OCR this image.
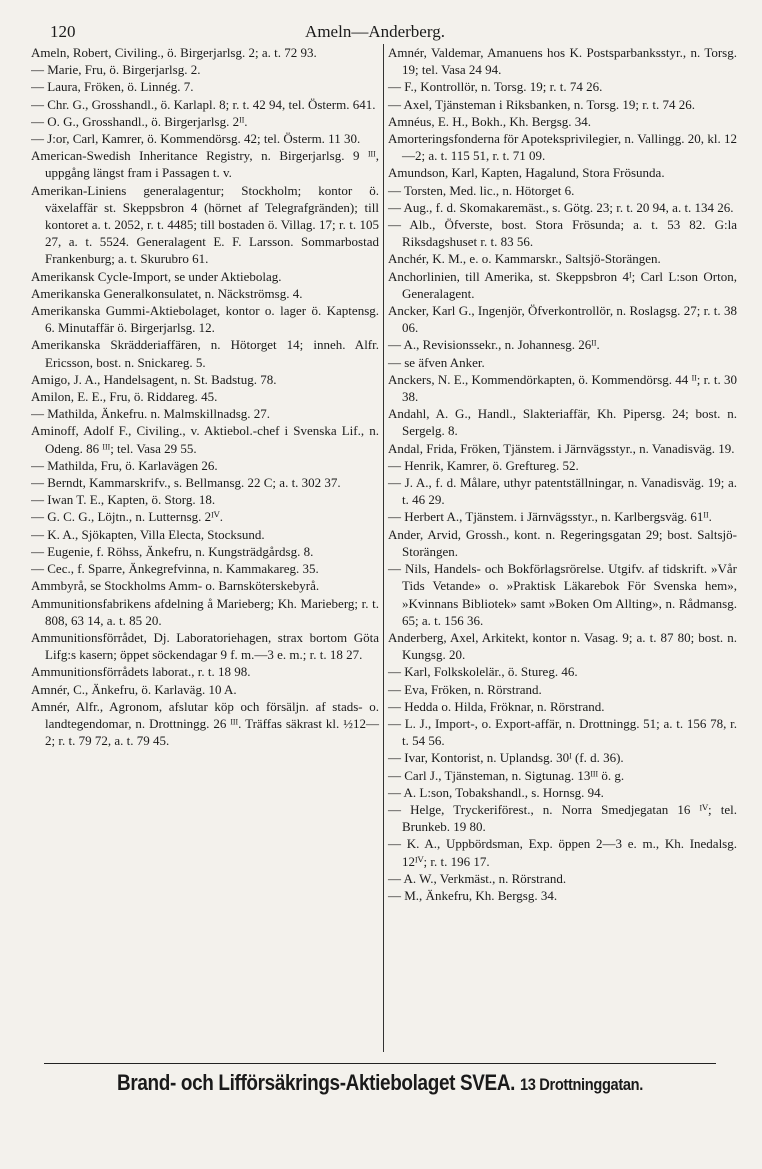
120	Ameln—Anderberg.
Ameln, Robert, Civiling., ö. Birgerjarlsg. 2; a. t. 72 93.
— Marie, Fru, ö. Birgerjarlsg. 2.
— Laura, Fröken, ö. Linnég. 7.
— Chr. G., Grosshandl., ö. Karlapl. 8; r. t. 42 94, tel. Österm. 641.
— O. G., Grosshandl., ö. Birgerjarlsg. 2ᴵᴵ.
— J:or, Carl, Kamrer, ö. Kommendörsg. 42; tel. Österm. 11 30.
American-Swedish Inheritance Registry, n. Birgerjarlsg. 9 ᴵᴵᴵ, uppgång längst fram i Passagen t. v.
Amerikan-Liniens generalagentur; Stockholm; kontor ö. växelaffär st. Skeppsbron 4 (hörnet af Telegrafgränden); till kontoret a. t. 2052, r. t. 4485; till bostaden ö. Villag. 17; r. t. 105 27, a. t. 5524. Generalagent E. F. Larsson. Sommarbostad Frankenburg; a. t. Skurubro 61.
Amerikansk Cycle-Import, se under Aktiebolag.
Amerikanska Generalkonsulatet, n. Näckströmsg. 4.
Amerikanska Gummi-Aktiebolaget, kontor o. lager ö. Kaptensg. 6. Minutaffär ö. Birgerjarlsg. 12.
Amerikanska Skrädderiaffären, n. Hötorget 14; inneh. Alfr. Ericsson, bost. n. Snickareg. 5.
Amigo, J. A., Handelsagent, n. St. Badstug. 78.
Amilon, E. E., Fru, ö. Riddareg. 45.
— Mathilda, Änkefru. n. Malmskillnadsg. 27.
Aminoff, Adolf F., Civiling., v. Aktiebol.-chef i Svenska Lif., n. Odeng. 86 ᴵᴵᴵ; tel. Vasa 29 55.
— Mathilda, Fru, ö. Karlavägen 26.
— Berndt, Kammarskrifv., s. Bellmansg. 22 C; a. t. 302 37.
— Iwan T. E., Kapten, ö. Storg. 18.
— G. C. G., Löjtn., n. Lutternsg. 2ᴵⱽ.
— K. A., Sjökapten, Villa Electa, Stocksund.
— Eugenie, f. Röhss, Änkefru, n. Kungsträdgårdsg. 8.
— Cec., f. Sparre, Änkegrefvinna, n. Kammakareg. 35.
Ammbyrå, se Stockholms Amm- o. Barnsköterskebyrå.
Ammunitionsfabrikens afdelning å Marieberg; Kh. Marieberg; r. t. 808, 63 14, a. t. 85 20.
Ammunitionsförrådet, Dj. Laboratoriehagen, strax bortom Göta Lifg:s kasern; öppet söckendagar 9 f. m.—3 e. m.; r. t. 18 27.
Ammunitionsförrådets laborat., r. t. 18 98.
Amnér, C., Änkefru, ö. Karlaväg. 10 A.
Amnér, Alfr., Agronom, afslutar köp och försäljn. af stads- o. landtegendomar, n. Drottningg. 26 ᴵᴵᴵ. Träffas säkrast kl. ½12—2; r. t. 79 72, a. t. 79 45.
Amnér, Valdemar, Amanuens hos K. Postsparbanksstyr., n. Torsg. 19; tel. Vasa 24 94.
— F., Kontrollör, n. Torsg. 19; r. t. 74 26.
— Axel, Tjänsteman i Riksbanken, n. Torsg. 19; r. t. 74 26.
Amnéus, E. H., Bokh., Kh. Bergsg. 34.
Amorteringsfonderna för Apoteksprivilegier, n. Vallingg. 20, kl. 12—2; a. t. 115 51, r. t. 71 09.
Amundson, Karl, Kapten, Hagalund, Stora Frösunda.
— Torsten, Med. lic., n. Hötorget 6.
— Aug., f. d. Skomakaremäst., s. Götg. 23; r. t. 20 94, a. t. 134 26.
— Alb., Öfverste, bost. Stora Frösunda; a. t. 53 82. G:la Riksdagshuset r. t. 83 56.
Anchér, K. M., e. o. Kammarskr., Saltsjö-Storängen.
Anchorlinien, till Amerika, st. Skeppsbron 4ᴵ; Carl L:son Orton, Generalagent.
Ancker, Karl G., Ingenjör, Öfverkontrollör, n. Roslagsg. 27; r. t. 38 06.
— A., Revisionssekr., n. Johannesg. 26ᴵᴵ.
— se äfven Anker.
Anckers, N. E., Kommendörkapten, ö. Kommendörsg. 44 ᴵᴵ; r. t. 30 38.
Andahl, A. G., Handl., Slakteriaffär, Kh. Pipersg. 24; bost. n. Sergelg. 8.
Andal, Frida, Fröken, Tjänstem. i Järnvägsstyr., n. Vanadisväg. 19.
— Henrik, Kamrer, ö. Greftureg. 52.
— J. A., f. d. Målare, uthyr patentställningar, n. Vanadisväg. 19; a. t. 46 29.
— Herbert A., Tjänstem. i Järnvägsstyr., n. Karlbergsväg. 61ᴵᴵ.
Ander, Arvid, Grossh., kont. n. Regeringsgatan 29; bost. Saltsjö-Storängen.
— Nils, Handels- och Bokförlagsrörelse. Utgifv. af tidskrift. »Vår Tids Vetande» o. »Praktisk Läkarebok För Svenska hem», »Kvinnans Bibliotek» samt »Boken Om Allting», n. Rådmansg. 65; a. t. 156 36.
Anderberg, Axel, Arkitekt, kontor n. Vasag. 9; a. t. 87 80; bost. n. Kungsg. 20.
— Karl, Folkskolelär., ö. Stureg. 46.
— Eva, Fröken, n. Rörstrand.
— Hedda o. Hilda, Fröknar, n. Rörstrand.
— L. J., Import-, o. Export-affär, n. Drottningg. 51; a. t. 156 78, r. t. 54 56.
— Ivar, Kontorist, n. Uplandsg. 30ᴵ (f. d. 36).
— Carl J., Tjänsteman, n. Sigtunag. 13ᴵᴵᴵ ö. g.
— A. L:son, Tobakshandl., s. Hornsg. 94.
— Helge, Tryckeriförest., n. Norra Smedjegatan 16 ᴵⱽ; tel. Brunkeb. 19 80.
— K. A., Uppbördsman, Exp. öppen 2—3 e. m., Kh. Inedalsg. 12ᴵⱽ; r. t. 196 17.
— A. W., Verkmäst., n. Rörstrand.
— M., Änkefru, Kh. Bergsg. 34.
Brand- och Lifförsäkrings-Aktiebolaget SVEA. 13 Drottninggatan.
